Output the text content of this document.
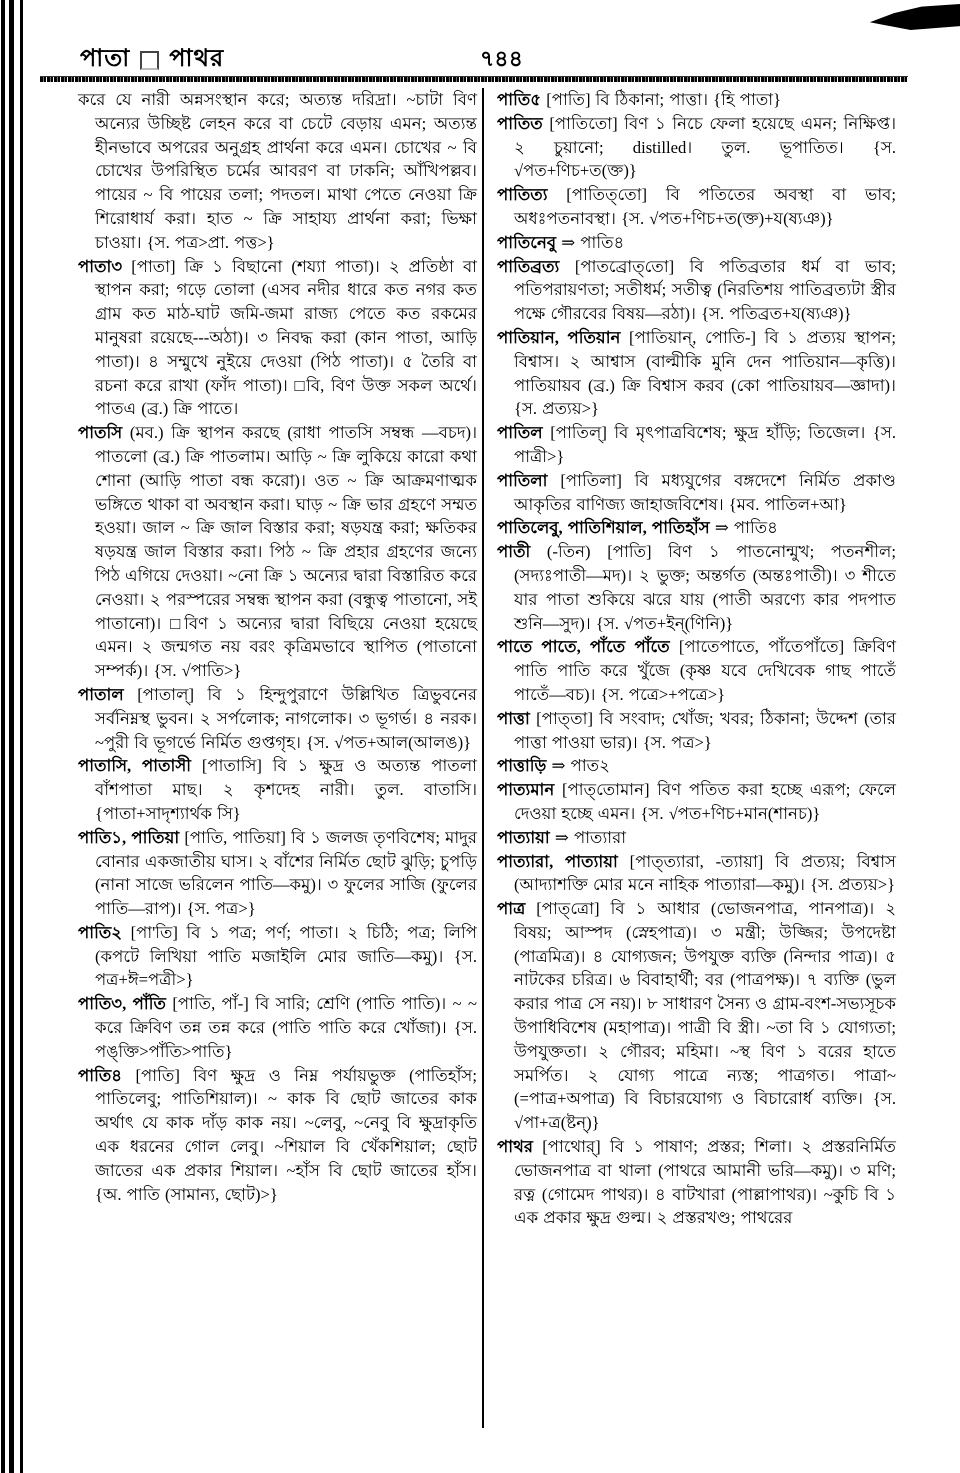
পাতা পাথর	৭৪৪

করে যে নারী অন্নসংস্থান করে; অত্যন্ত দরিদ্রা। ~চাটা বিণ অন্যের উচ্ছিষ্ট লেহন করে বা চেটে বেড়ায় এমন; অত্যন্ত হীনভাবে অপরের অনুগ্রহ প্রার্থনা করে এমন। চোখের ~ বি চোখের উপরিস্থিত চর্মের আবরণ বা ঢাকনি; আঁখিপল্লব। পায়ের ~ বি পায়ের তলা; পদতল। মাথা পেতে নেওয়া ক্রি শিরোধার্য করা। হাত ~ ক্রি সাহায্য প্রার্থনা করা; ভিক্ষা চাওয়া। {স. পত্র>প্রা. পত্ত>}

পাতা৩ [পাতা] ক্রি ১ বিছানো (শয্যা পাতা)। ২ প্রতিষ্ঠা বা স্থাপন করা; গড়ে তোলা (এসব নদীর ধারে কত নগর কত গ্রাম কত মাঠ-ঘাট জমি-জমা রাজ্য পেতে কত রকমের মানুষরা রয়েছে---অঠা)। ৩ নিবদ্ধ করা (কান পাতা, আড়ি পাতা)। ৪ সম্মুখে নুইয়ে দেওয়া (পিঠ পাতা)। ৫ তৈরি বা রচনা করে রাখা (ফাঁদ পাতা)। □বি, বিণ উক্ত সকল অর্থে। পাতএ (ব্র.) ক্রি পাতে।

পাতসি (মব.) ক্রি স্থাপন করছে (রাধা পাতসি সম্বন্ধ —বচদ)। পাতলো (ব্র.) ক্রি পাতলাম। আড়ি ~ ক্রি লুকিয়ে কারো কথা শোনা (আড়ি পাতা বন্ধ করো)। ওত ~ ক্রি আক্রমণাত্মক ভঙ্গিতে থাকা বা অবস্থান করা। ঘাড় ~ ক্রি ভার গ্রহণে সম্মত হওয়া। জাল ~ ক্রি জাল বিস্তার করা; ষড়যন্ত্র করা; ক্ষতিকর ষড়যন্ত্র জাল বিস্তার করা। পিঠ ~ ক্রি প্রহার গ্রহণের জন্যে পিঠ এগিয়ে দেওয়া। ~নো ক্রি ১ অন্যের দ্বারা বিস্তারিত করে নেওয়া। ২ পরস্পরের সম্বন্ধ স্থাপন করা (বন্ধুত্ব পাতানো, সই পাতানো)। □বিণ ১ অন্যের দ্বারা বিছিয়ে নেওয়া হয়েছে এমন। ২ জন্মগত নয় বরং কৃত্রিমভাবে স্থাপিত (পাতানো সম্পর্ক)। {স. √পাতি>}

পাতাল [পাতাল্] বি ১ হিন্দুপুরাণে উল্লিখিত ত্রিভুবনের সর্বনিম্নস্থ ভুবন। ২ সর্পলোক; নাগলোক। ৩ ভূগর্ভ। ৪ নরক। ~পুরী বি ভূগর্ভে নির্মিত গুপ্তগৃহ। {স. √পত+আল(আলঙ)}

পাতাসি, পাতাসী [পাতাসি] বি ১ ক্ষুদ্র ও অত্যন্ত পাতলা বাঁশপাতা মাছ। ২ কৃশদেহ নারী। তুল. বাতাসি। {পাতা+সাদৃশ্যার্থক সি}

পাতি১, পাতিয়া [পাতি, পাতিয়া] বি ১ জলজ তৃণবিশেষ; মাদুর বোনার একজাতীয় ঘাস। ২ বাঁশের নির্মিত ছোট ঝুড়ি; চুপড়ি (নানা সাজে ভরিলেন পাতি—কমু)। ৩ ফুলের সাজি (ফুলের পাতি—রাপ)। {স. পত্র>}

পাতি২ [পা'তি] বি ১ পত্র; পর্ণ; পাতা। ২ চিঠি; পত্র; লিপি (কপটে লিখিয়া পাতি মজাইলি মোর জাতি—কমু)। {স. পত্র+ঈ=পত্রী>}

পাতি৩, পাঁতি [পাতি, পাঁ-] বি সারি; শ্রেণি (পাতি পাতি)। ~ ~ করে ক্রিবিণ তন্ন তন্ন করে (পাতি পাতি করে খোঁজা)। {স. পঙ্‌ক্তি>পাঁতি>পাতি}

পাতি৪ [পাতি] বিণ ক্ষুদ্র ও নিম্ন পর্যায়ভুক্ত (পাতিহাঁস; পাতিলেবু; পাতিশিয়াল)। ~ কাক বি ছোট জাতের কাক অর্থাৎ যে কাক দাঁড় কাক নয়। ~লেবু, ~নেবু বি ক্ষুদ্রাকৃতি এক ধরনের গোল লেবু। ~শিয়াল বি খেঁকশিয়াল; ছোট জাতের এক প্রকার শিয়াল। ~হাঁস বি ছোট জাতের হাঁস। {অ. পাতি (সামান্য, ছোট)>}

পাতি৫ [পাতি] বি ঠিকানা; পাত্তা। {হি পাতা}

পাতিত [পাতিতো] বিণ ১ নিচে ফেলা হয়েছে এমন; নিক্ষিপ্ত। ২ চুয়ানো; distilled। তুল. ভূপাতিত। {স. √পত+ণিচ+ত(ক্ত)}

পাতিত্য [পাতিত্‌তো] বি পতিতের অবস্থা বা ভাব; অধঃপতনাবস্থা। {স. √পত+ণিচ+ত(ক্ত)+য(ষ্যঞ)}

পাতিনেবু ⇒ পাতি৪

পাতিব্রত্য [পাতব্রোত্‌তো] বি পতিব্রতার ধর্ম বা ভাব; পতিপরায়ণতা; সতীধর্ম; সতীত্ব (নিরতিশয় পাতিব্রত্যটা স্ত্রীর পক্ষে গৌরবের বিষয়—রঠা)। {স. পতিব্রত+য(ষ্যঞ)}

পাতিয়ান, পতিয়ান [পাতিয়ান্, পোতি-] বি ১ প্রত্যয় স্থাপন; বিশ্বাস। ২ আশ্বাস (বাল্মীকি মুনি দেন পাতিয়ান—কৃত্তি)। পাতিয়ায়ব (ব্র.) ক্রি বিশ্বাস করব (কো পাতিয়ায়ব—জ্ঞাদা)। {স. প্রত্যয়>}

পাতিল [পাতিল্] বি মৃৎপাত্রবিশেষ; ক্ষুদ্র হাঁড়ি; তিজেল। {স. পাত্রী>}

পাতিলা [পাতিলা] বি মধ্যযুগের বঙ্গদেশে নির্মিত প্রকাণ্ড আকৃতির বাণিজ্য জাহাজবিশেষ। {মব. পাতিল+আ}

পাতিলেবু, পাতিশিয়াল, পাতিহাঁস ⇒ পাতি৪

পাতী (-তিন) [পাতি] বিণ ১ পাতনোন্মুখ; পতনশীল; (সদ্যঃপাতী—মদ)। ২ ভুক্ত; অন্তর্গত (অন্তঃপাতী)। ৩ শীতে যার পাতা শুকিয়ে ঝরে যায় (পাতী অরণ্যে কার পদপাত শুনি—সুদ)। {স. √পত+ইন্(ণিনি)}

পাতে পাতে, পাঁতে পাঁতে [পাতেপাতে, পাঁতেপাঁতে] ক্রিবিণ পাতি পাতি করে খুঁজে (কৃষ্ণ যবে দেখিবেক গাছ পাতেঁ পাতেঁ—বচ)। {স. পত্রে>+পত্রে>}

পাত্তা [পাত্‌তা] বি সংবাদ; খোঁজ; খবর; ঠিকানা; উদ্দেশ (তার পাত্তা পাওয়া ভার)। {স. পত্র>}

পাত্তাড়ি ⇒ পাত২

পাত্যমান [পাত্‌তোমান] বিণ পতিত করা হচ্ছে এরূপ; ফেলে দেওয়া হচ্ছে এমন। {স. √পত+ণিচ+মান(শানচ)}

পাত্যায়া ⇒ পাত্যারা

পাত্যারা, পাত্যায়া [পাত্‌ত্যারা, -ত্যায়া] বি প্রত্যয়; বিশ্বাস (আদ্যাশক্তি মোর মনে নাহিক পাত্যারা—কমু)। {স. প্রত্যয়>}

পাত্র [পাত্‌ত্রো] বি ১ আধার (ভোজনপাত্র, পানপাত্র)। ২ বিষয়; আস্পদ (স্নেহপাত্র)। ৩ মন্ত্রী; উজ্জির; উপদেষ্টা (পাত্রমিত্র)। ৪ যোগ্যজন; উপযুক্ত ব্যক্তি (নিন্দার পাত্র)। ৫ নাটকের চরিত্র। ৬ বিবাহার্থী; বর (পাত্রপক্ষ)। ৭ ব্যক্তি (ভুল করার পাত্র সে নয়)। ৮ সাধারণ সৈন্য ও গ্রাম-বংশ-সভ্যসূচক উপাধিবিশেষ (মহাপাত্র)। পাত্রী বি স্ত্রী। ~তা বি ১ যোগ্যতা; উপযুক্ততা। ২ গৌরব; মহিমা। ~স্থ বিণ ১ বরের হাতে সমর্পিত। ২ যোগ্য পাত্রে ন্যস্ত; পাত্রগত। পাত্রা~ (=পাত্র+অপাত্র) বি বিচারযোগ্য ও বিচারোর্ধ ব্যক্তি। {স. √পা+ত্র(ষ্টন্)}

পাথর [পাথোর্] বি ১ পাষাণ; প্রস্তর; শিলা। ২ প্রস্তরনির্মিত ভোজনপাত্র বা থালা (পাথরে আমানী ভরি—কমু)। ৩ মণি; রত্ন (গোমেদ পাথর)। ৪ বাটখারা (পাল্লাপাথর)। ~কুচি বি ১ এক প্রকার ক্ষুদ্র গুল্ম। ২ প্রস্তরখণ্ড; পাথরের
